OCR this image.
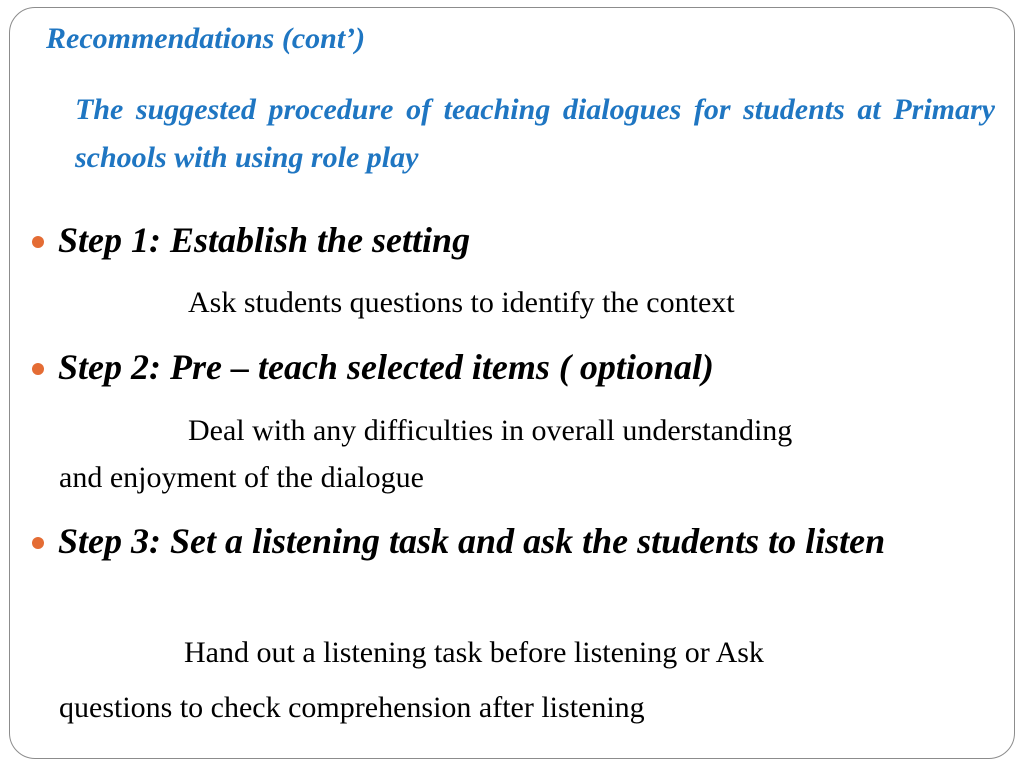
Recommendations (cont’)
The suggested procedure of teaching dialogues for students at Primary schools with using role play
Step 1: Establish the setting
Ask students questions to identify the context
Step 2: Pre – teach selected items ( optional)
Deal with any difficulties in overall understanding
and enjoyment of the dialogue
Step 3: Set a listening task and ask the students to listen
Hand out a listening task before listening or Ask
questions to check comprehension after listening
